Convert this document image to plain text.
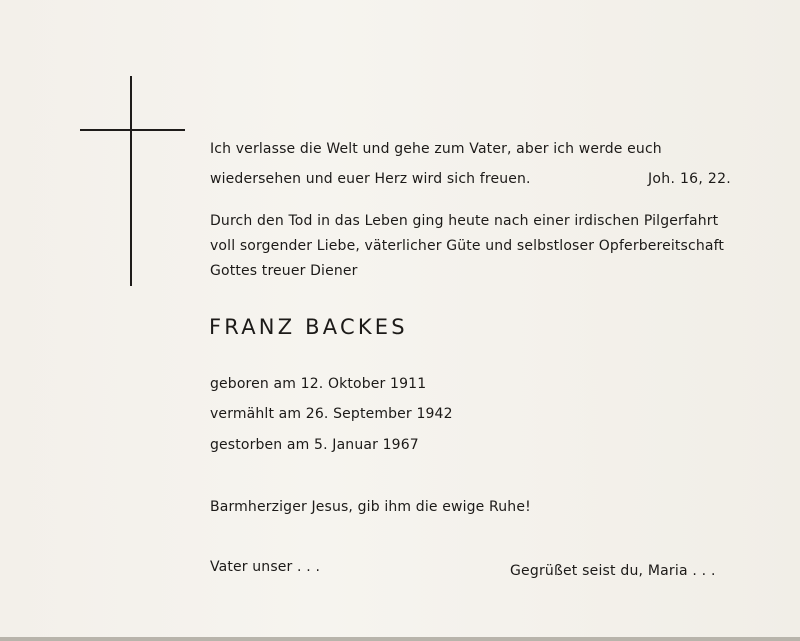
Ich verlasse die Welt und gehe zum Vater, aber ich werde euch
wiedersehen und euer Herz wird sich freuen.	Joh. 16, 22.
Durch den Tod in das Leben ging heute nach einer irdischen Pilgerfahrt
voll sorgender Liebe, väterlicher Güte und selbstloser Opferbereitschaft
Gottes treuer Diener
FRANZ BACKES
geboren am 12. Oktober 1911
vermählt am 26. September 1942
gestorben am 5. Januar 1967
Barmherziger Jesus, gib ihm die ewige Ruhe!
Vater unser . . .	Gegrüßet seist du, Maria . . .
